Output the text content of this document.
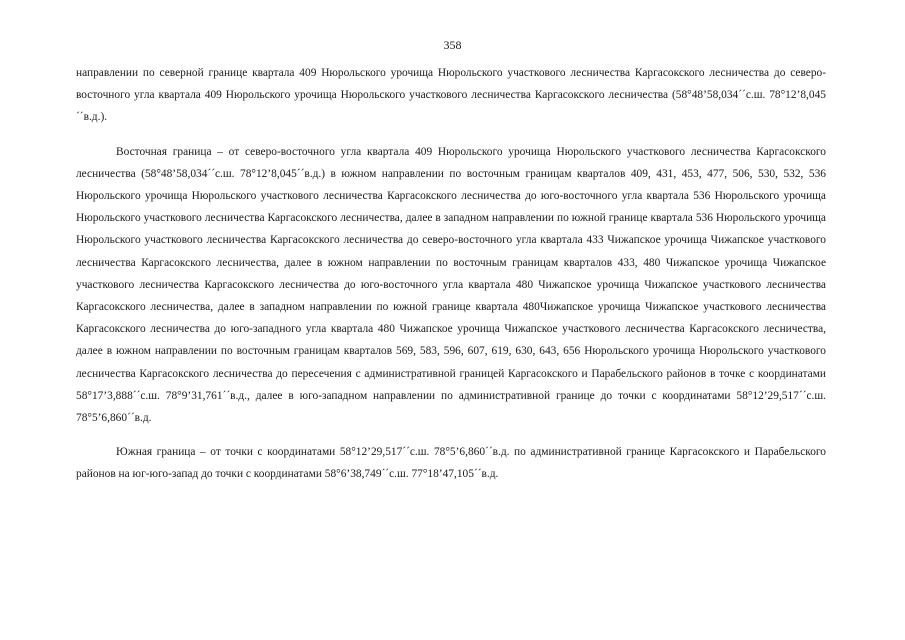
358

направлении по северной границе квартала 409 Нюрольского урочища Нюрольского участкового лесничества Каргасокского лесничества до северо-восточного угла квартала 409 Нюрольского урочища Нюрольского участкового лесничества Каргасокского лесничества (58°48’58,034´´с.ш. 78°12’8,045´´в.д.).

Восточная граница – от северо-восточного угла квартала 409 Нюрольского урочища Нюрольского участкового лесничества Каргасокского лесничества (58°48’58,034´´с.ш. 78°12’8,045´´в.д.) в южном направлении по восточным границам кварталов 409, 431, 453, 477, 506, 530, 532, 536 Нюрольского урочища Нюрольского участкового лесничества Каргасокского лесничества до юго-восточного угла квартала 536 Нюрольского урочища Нюрольского участкового лесничества Каргасокского лесничества, далее в западном направлении по южной границе квартала 536 Нюрольского урочища Нюрольского участкового лесничества Каргасокского лесничества до северо-восточного угла квартала 433 Чижапское урочища Чижапское участкового лесничества Каргасокского лесничества, далее в южном направлении по восточным границам кварталов 433, 480 Чижапское урочища Чижапское участкового лесничества Каргасокского лесничества до юго-восточного угла квартала 480 Чижапское урочища Чижапское участкового лесничества Каргасокского лесничества, далее в западном направлении по южной границе квартала 480Чижапское урочища Чижапское участкового лесничества Каргасокского лесничества до юго-западного угла квартала 480 Чижапское урочища Чижапское участкового лесничества Каргасокского лесничества, далее в южном направлении по восточным границам кварталов 569, 583, 596, 607, 619, 630, 643, 656 Нюрольского урочища Нюрольского участкового лесничества Каргасокского лесничества до пересечения с административной границей Каргасокского и Парабельского районов в точке с координатами 58°17’3,888´´с.ш. 78°9’31,761´´в.д., далее в юго-западном направлении по административной границе до точки с координатами 58°12’29,517´´с.ш. 78°5’6,860´´в.д.

Южная граница – от точки с координатами 58°12’29,517´´с.ш. 78°5’6,860´´в.д. по административной границе Каргасокского и Парабельского районов на юг-юго-запад до точки с координатами 58°6’38,749´´с.ш. 77°18’47,105´´в.д.
